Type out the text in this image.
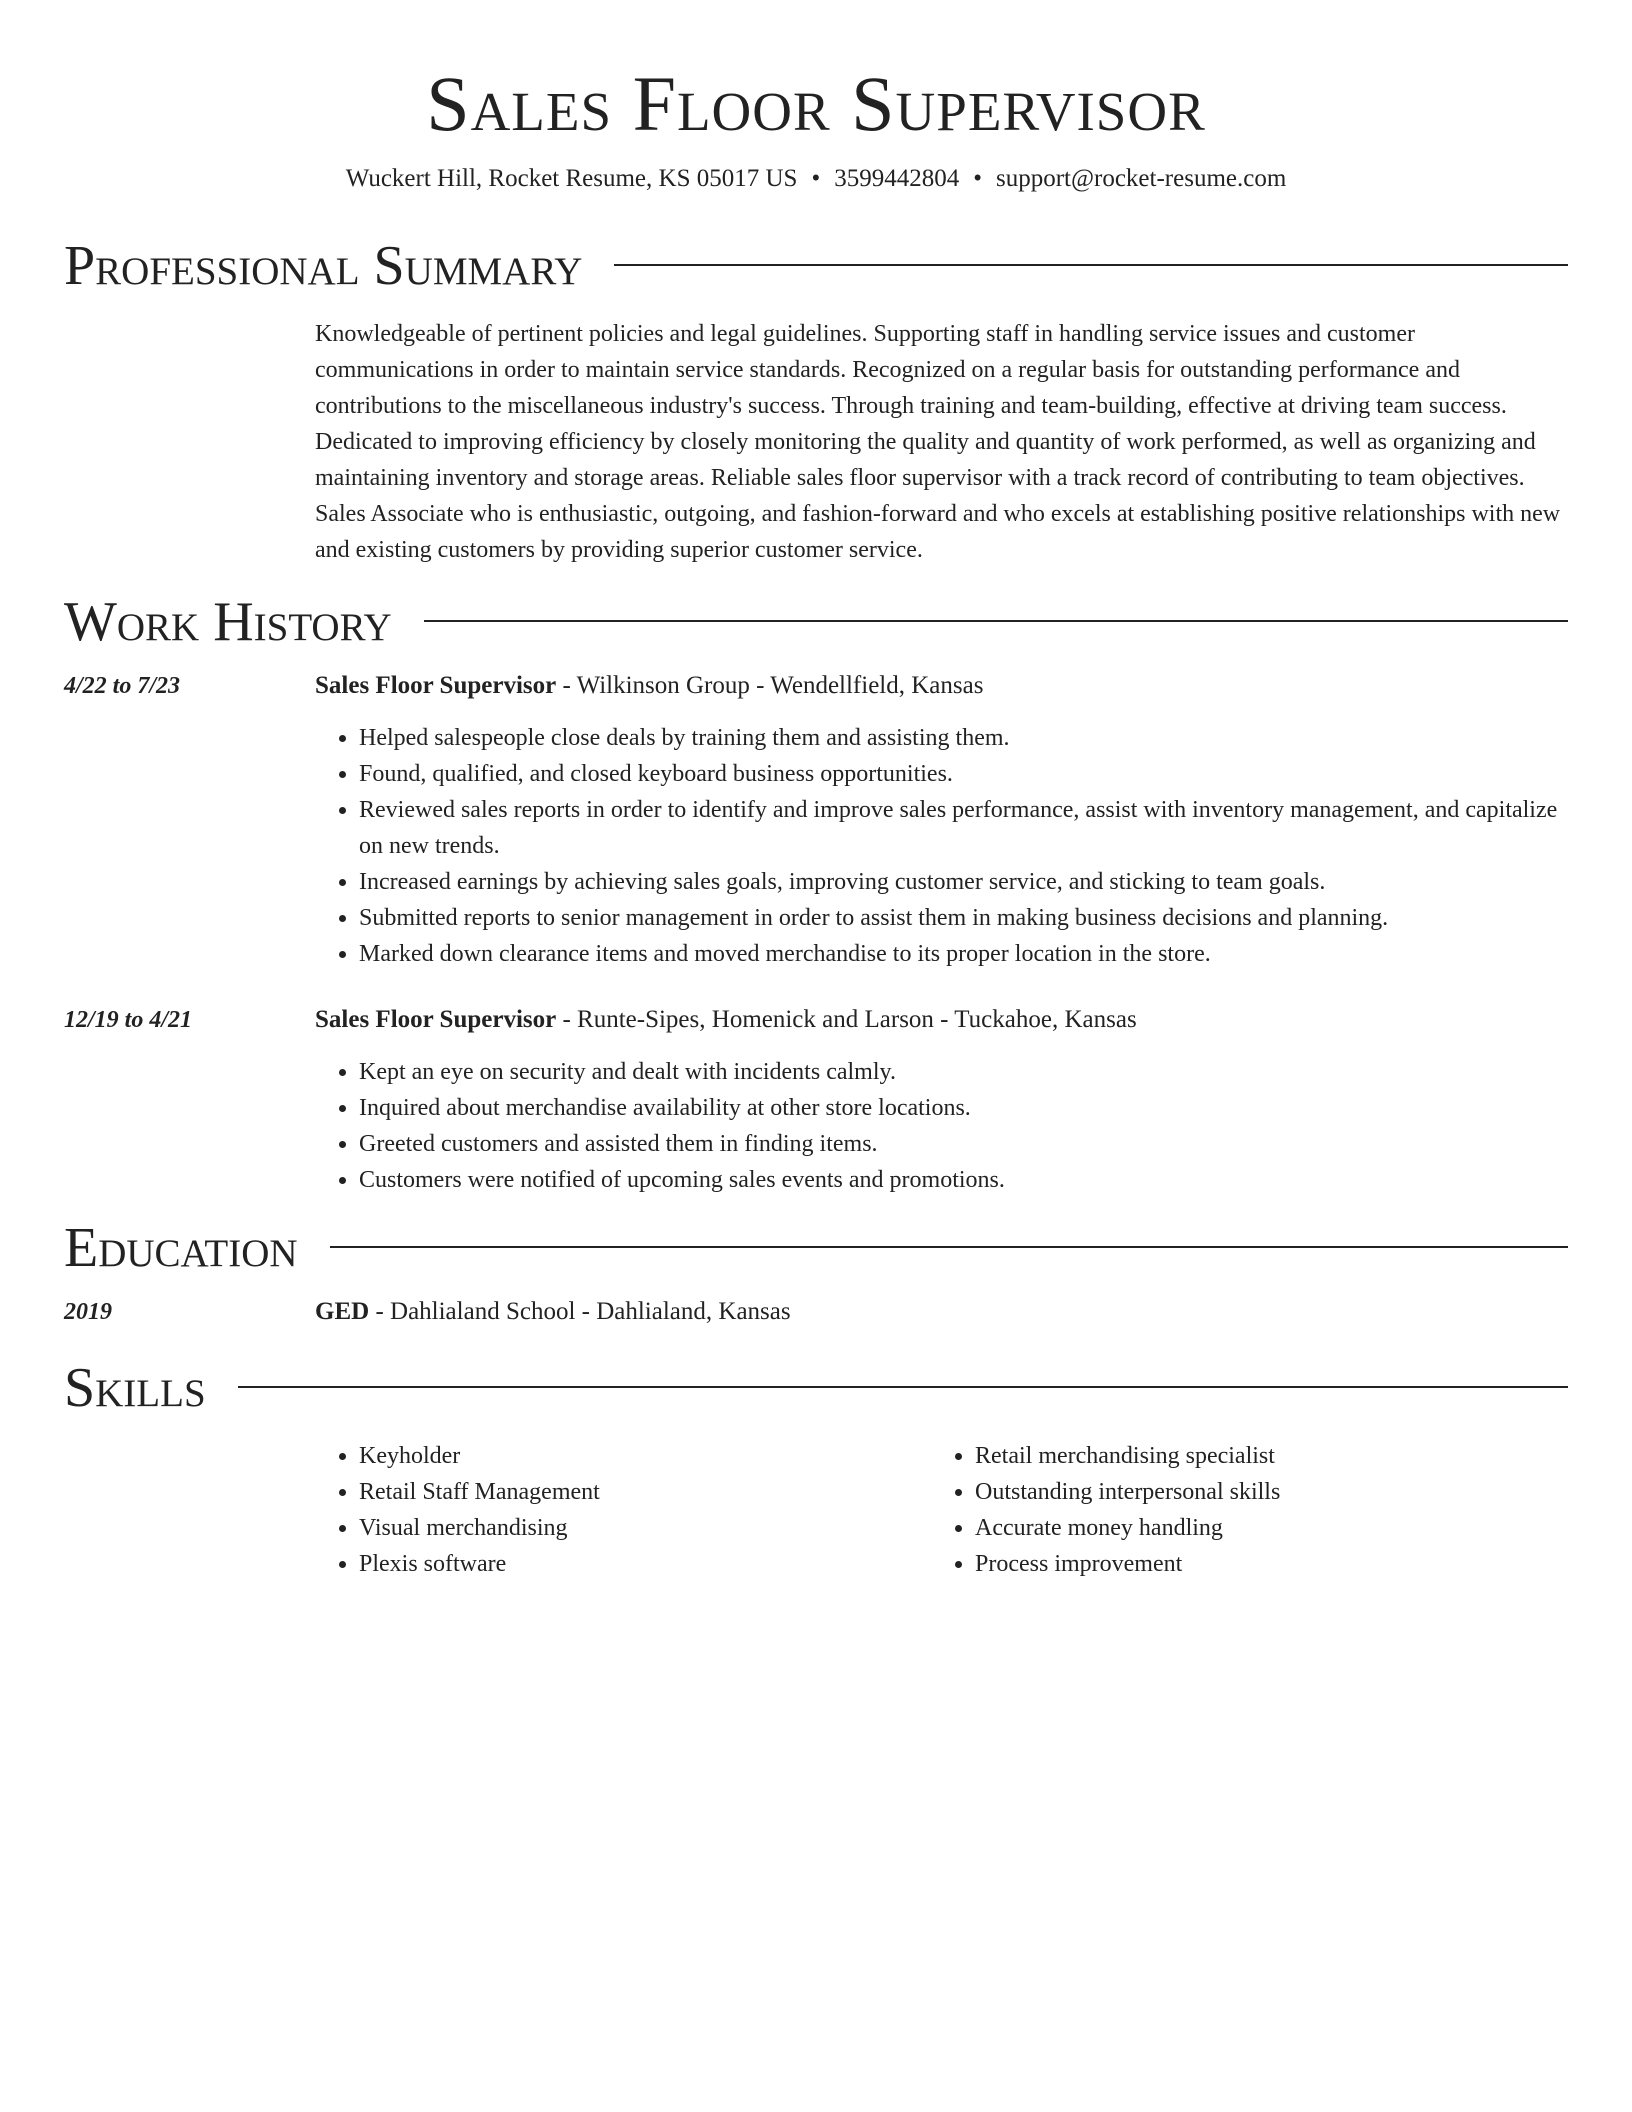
Sales Floor Supervisor
Wuckert Hill, Rocket Resume, KS 05017 US • 3599442804 • support@rocket-resume.com
Professional Summary

Knowledgeable of pertinent policies and legal guidelines. Supporting staff in handling service issues and customer communications in order to maintain service standards. Recognized on a regular basis for outstanding performance and contributions to the miscellaneous industry's success. Through training and team-building, effective at driving team success. Dedicated to improving efficiency by closely monitoring the quality and quantity of work performed, as well as organizing and maintaining inventory and storage areas. Reliable sales floor supervisor with a track record of contributing to team objectives. Sales Associate who is enthusiastic, outgoing, and fashion-forward and who excels at establishing positive relationships with new and existing customers by providing superior customer service.

Work History
4/22 to 7/23	Sales Floor Supervisor - Wilkinson Group - Wendellfield, Kansas
• Helped salespeople close deals by training them and assisting them.
• Found, qualified, and closed keyboard business opportunities.
• Reviewed sales reports in order to identify and improve sales performance, assist with inventory management, and capitalize on new trends.
• Increased earnings by achieving sales goals, improving customer service, and sticking to team goals.
• Submitted reports to senior management in order to assist them in making business decisions and planning.
• Marked down clearance items and moved merchandise to its proper location in the store.
12/19 to 4/21	Sales Floor Supervisor - Runte-Sipes, Homenick and Larson - Tuckahoe, Kansas
• Kept an eye on security and dealt with incidents calmly.
• Inquired about merchandise availability at other store locations.
• Greeted customers and assisted them in finding items.
• Customers were notified of upcoming sales events and promotions.
Education
2019	GED - Dahlialand School - Dahlialand, Kansas
Skills
• Keyholder
• Retail Staff Management
• Visual merchandising
• Plexis software
• Retail merchandising specialist
• Outstanding interpersonal skills
• Accurate money handling
• Process improvement
